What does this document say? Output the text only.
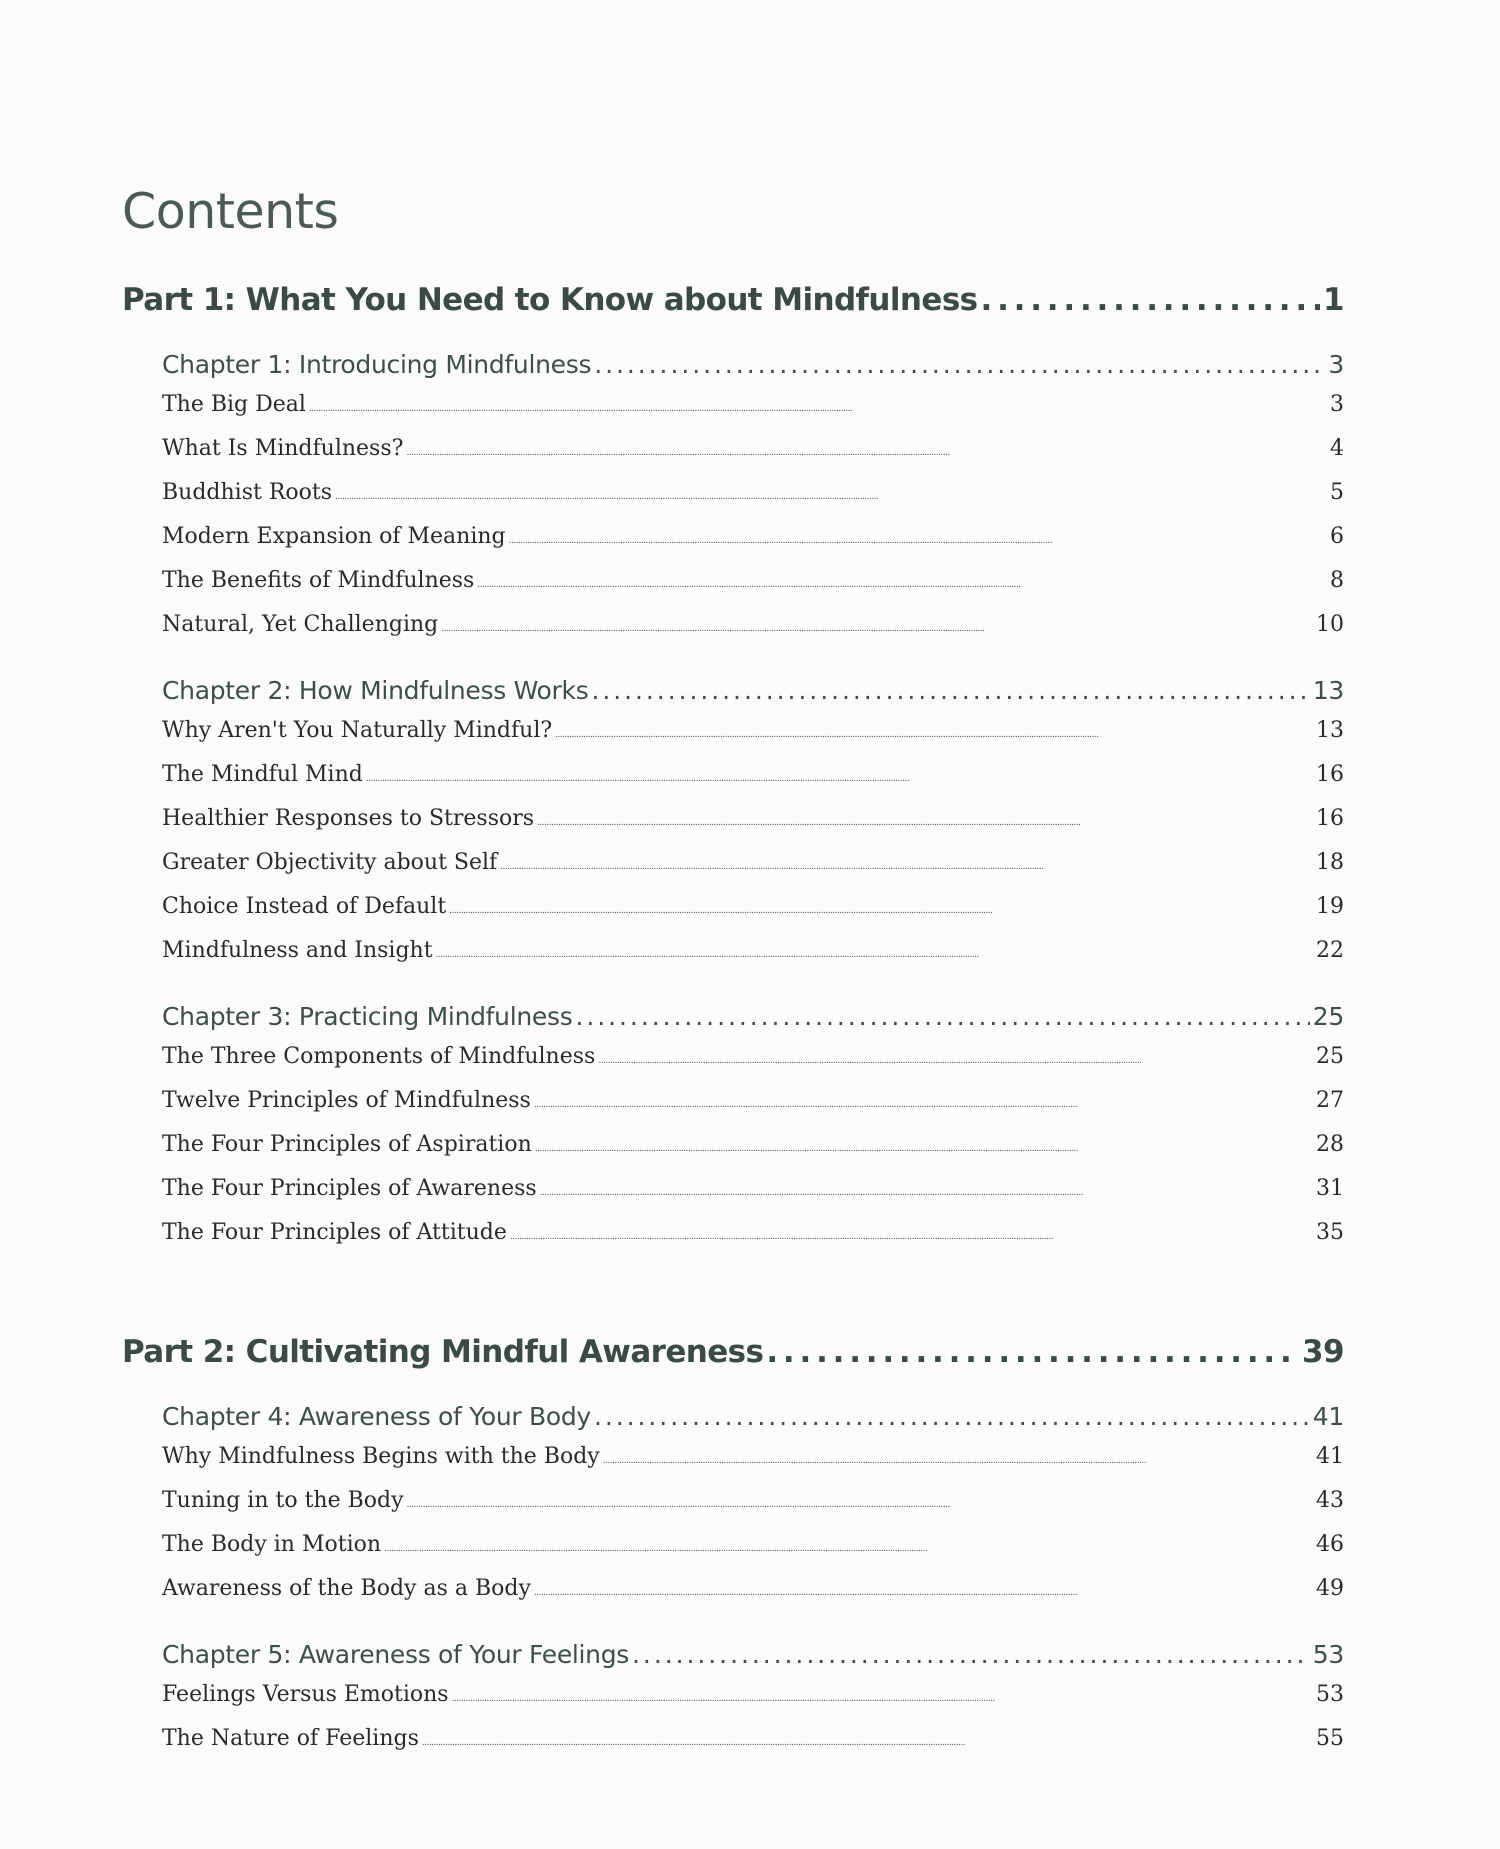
Contents
Part 1: What You Need to Know about Mindfulness . . .	1
Chapter 1: Introducing Mindfulness . . .	3
The Big Deal . . .	3
What Is Mindfulness? . . .	4
Buddhist Roots . . .	5
Modern Expansion of Meaning . . .	6
The Benefits of Mindfulness . . .	8
Natural, Yet Challenging . . .	10
Chapter 2: How Mindfulness Works . . .	13
Why Aren't You Naturally Mindful? . . .	13
The Mindful Mind . . .	16
Healthier Responses to Stressors . . .	16
Greater Objectivity about Self . . .	18
Choice Instead of Default . . .	19
Mindfulness and Insight . . .	22
Chapter 3: Practicing Mindfulness . . .	25
The Three Components of Mindfulness . . .	25
Twelve Principles of Mindfulness . . .	27
The Four Principles of Aspiration . . .	28
The Four Principles of Awareness . . .	31
The Four Principles of Attitude . . .	35
Part 2: Cultivating Mindful Awareness . . .	39
Chapter 4: Awareness of Your Body . . .	41
Why Mindfulness Begins with the Body . . .	41
Tuning in to the Body . . .	43
The Body in Motion . . .	46
Awareness of the Body as a Body . . .	49
Chapter 5: Awareness of Your Feelings . . .	53
Feelings Versus Emotions . . .	53
The Nature of Feelings . . .	55
